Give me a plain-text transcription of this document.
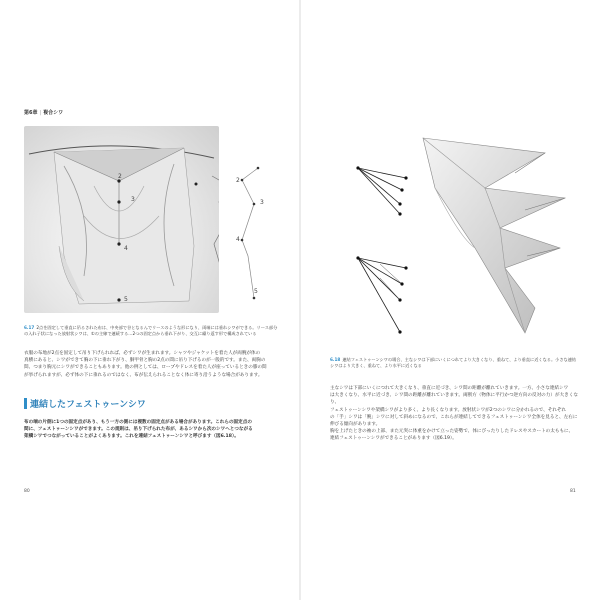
第6章 | 複合シワ
2
3
4
5
2
3
4
5
6.17 2点を固定して垂直に吊るされた布は、中央部で谷となるんでリースのような形になり、両端には垂れシワができる。リース部分の入れ子状になった放射状シワは、①の主線で連続する…2つの固定点から垂れ下がり、交互に繰り返す形で構成されている
衣服の布地が2点を固定して吊り下げられれば、必ずシワが生まれます。シャツやジャケットを着た人が両腕が体の
真横にあると、シワができて胸の下に垂れ下がり、胴甲骨と胸の2点の間に吊り下げるのが一般的です。また、両胸の
間、つまり胸元にシワができることもあります。他の例としては、ロープやドレスを着た人が座っているときの膝の間
が挙げられますが、必ず体の下に垂れるのではなく、布が伝えられることなく体に寄り沿うような場合があります。
連結したフェストゥーンシワ
布の端の片側に1つの固定点があり、もう一方の側には複数の固定点がある場合があります。これらの固定点の
間に、フェストゥーンシワができます。この規則は、吊り下げられた布が、あるシワから次のシワへとつながる
架橋シワでつながっていることがよくあります。これを連結フェストゥーンシワと呼びます（図6.18）。
80
6.18 連結フェストゥーンシワの場合、主なシワは下部にいくにつれてより大きくなり、重ねて、より垂直に近くなる。小さな連結シワはより大きく、重ねて、より水平に近くなる
主なシワは下部にいくにつれて大きくなり、垂直に近づき、シワ間の距離が離れていきます。一方、小さな連結シワ
は大きくなり、水平に近づき、シワ間の距離が離れていきます。両断方（物体に平行かつ逆方向の反対の力）が大きくなり、
フェストゥーンシワや架橋シワがより多く、より長くなります。放射状シワが2つのシワに分かれるので、それぞれ
の「手」シワは「腕」シワに対して斜めになるので、これらが連結してできるフェストゥーンシワ全体を見ると、左右に
伸びる傾向があります。
胸を上げたときの袖の上部、また元突に体重をかけて立った姿勢で、体にぴったりしたドレスやスカートの太ももに、
連結フェストゥーンシワができることがあります（図6.19）。
81
